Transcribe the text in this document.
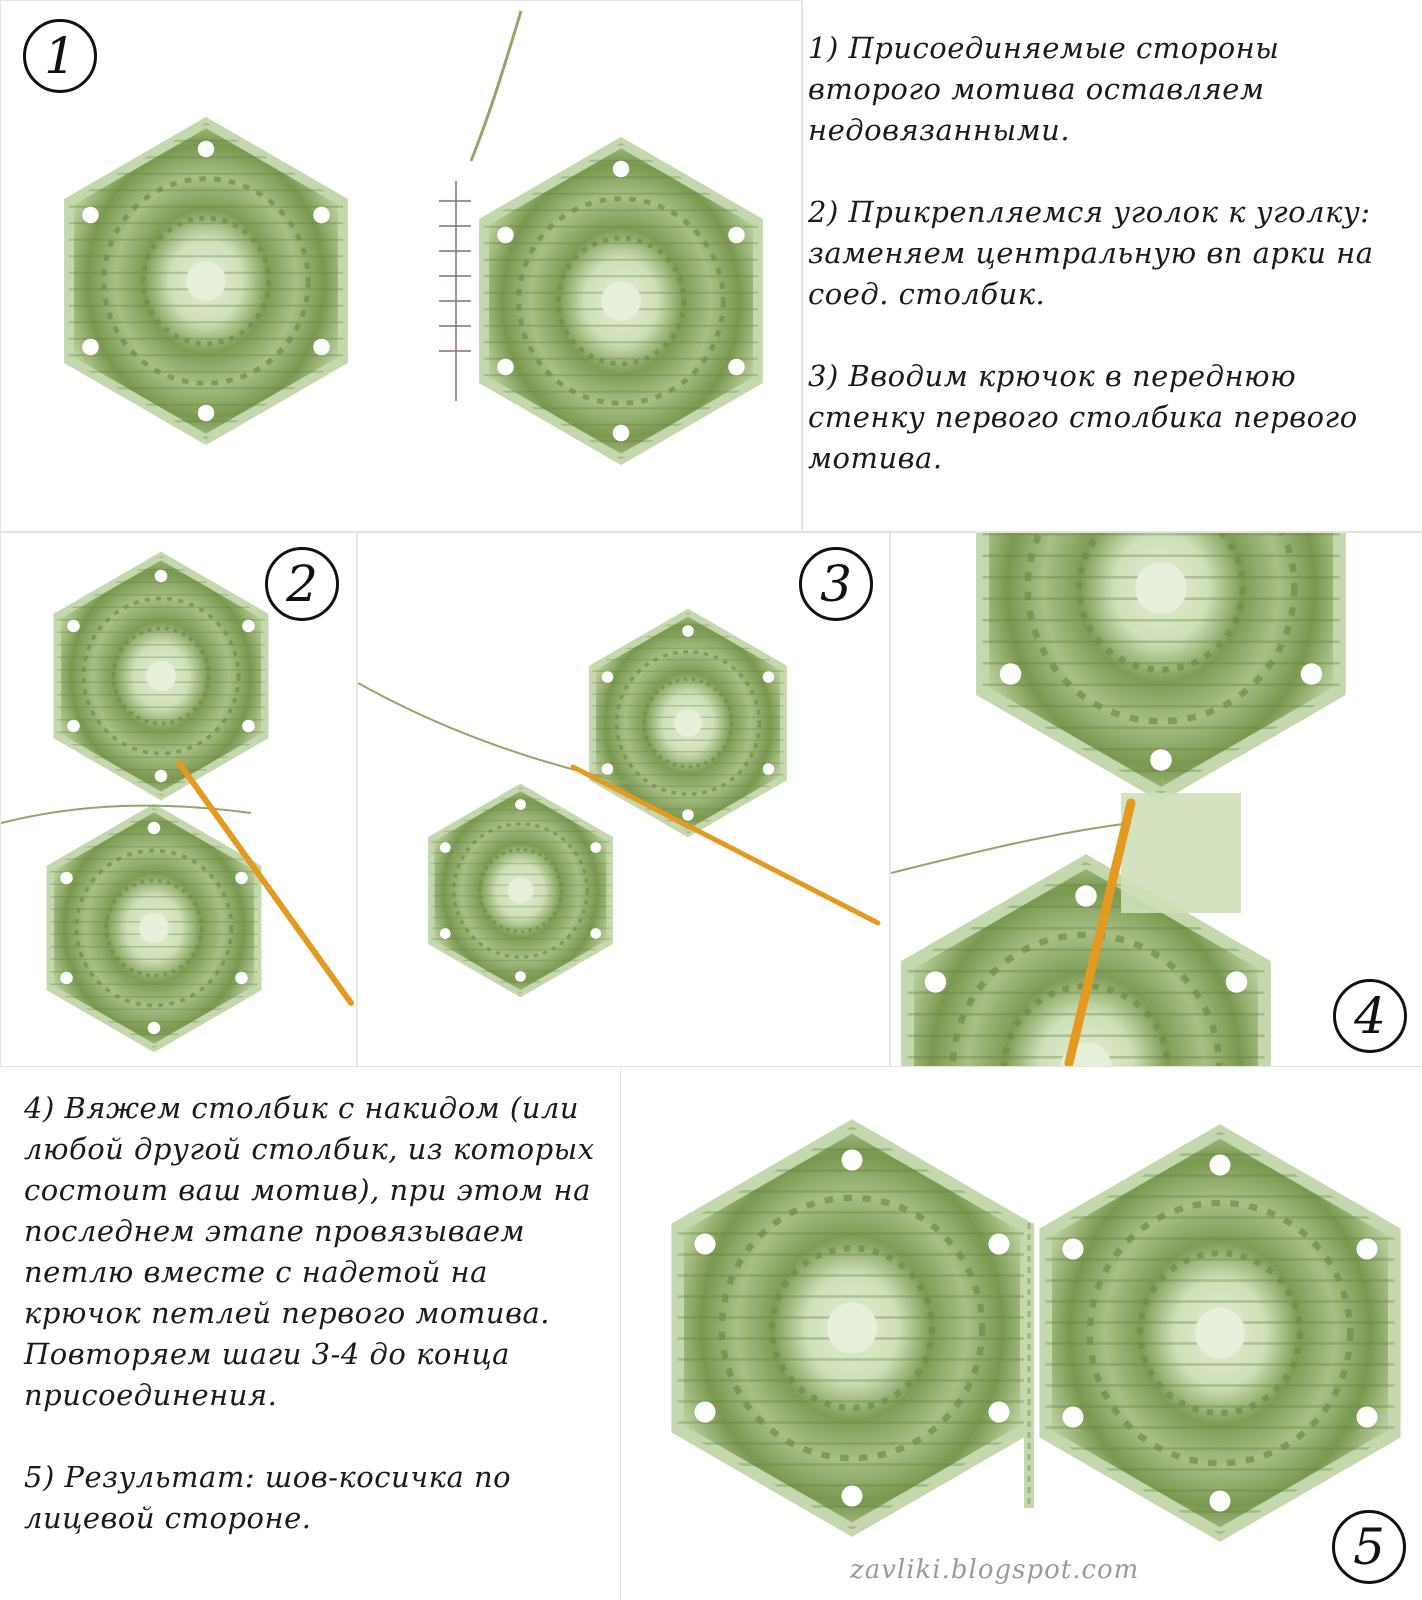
1	1) Присоединяемые стороны второго мотива оставляем недовязанными.

2) Прикрепляемся уголок к уголку: заменяем центральную вп арки на соед. столбик.

3) Вводим крючок в переднюю стенку первого столбика первого мотива.

2	3
4

4) Вяжем столбик с накидом (или любой другой столбик, из которых состоит ваш мотив), при этом на последнем этапе провязываем петлю вместе с надетой на крючок петлей первого мотива.

Повторяем шаги 3-4 до конца присоединения.

5) Результат: шов-косичка по лицевой стороне.	5
zavliki.blogspot.com
